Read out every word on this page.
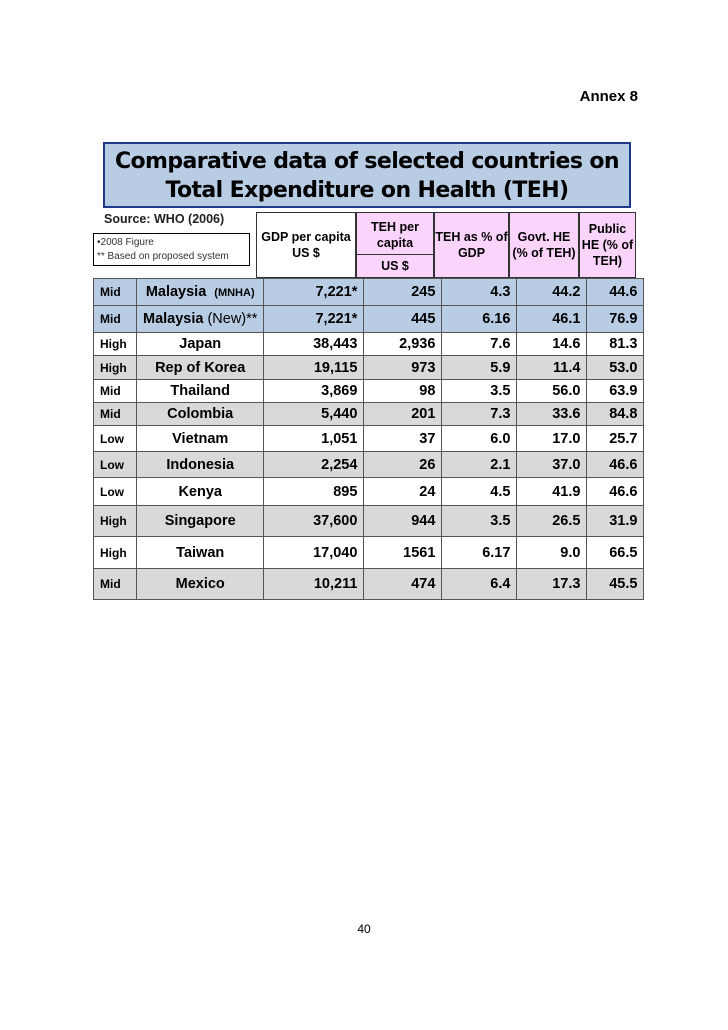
Annex 8
Comparative data of selected countries on
Total Expenditure on Health (TEH)
Source: WHO (2006)
•2008 Figure
** Based on proposed system
GDP per capita US $
TEH per capita
US $
TEH as % of GDP
Govt. HE (% of TEH)
Public HE (% of TEH)
Mid	Malaysia (MNHA)	7,221*	245	4.3	44.2	44.6
Mid	Malaysia (New)**	7,221*	445	6.16	46.1	76.9
High	Japan	38,443	2,936	7.6	14.6	81.3
High	Rep of Korea	19,115	973	5.9	11.4	53.0
Mid	Thailand	3,869	98	3.5	56.0	63.9
Mid	Colombia	5,440	201	7.3	33.6	84.8
Low	Vietnam	1,051	37	6.0	17.0	25.7
Low	Indonesia	2,254	26	2.1	37.0	46.6
Low	Kenya	895	24	4.5	41.9	46.6
High	Singapore	37,600	944	3.5	26.5	31.9
High	Taiwan	17,040	1561	6.17	9.0	66.5
Mid	Mexico	10,211	474	6.4	17.3	45.5
40
